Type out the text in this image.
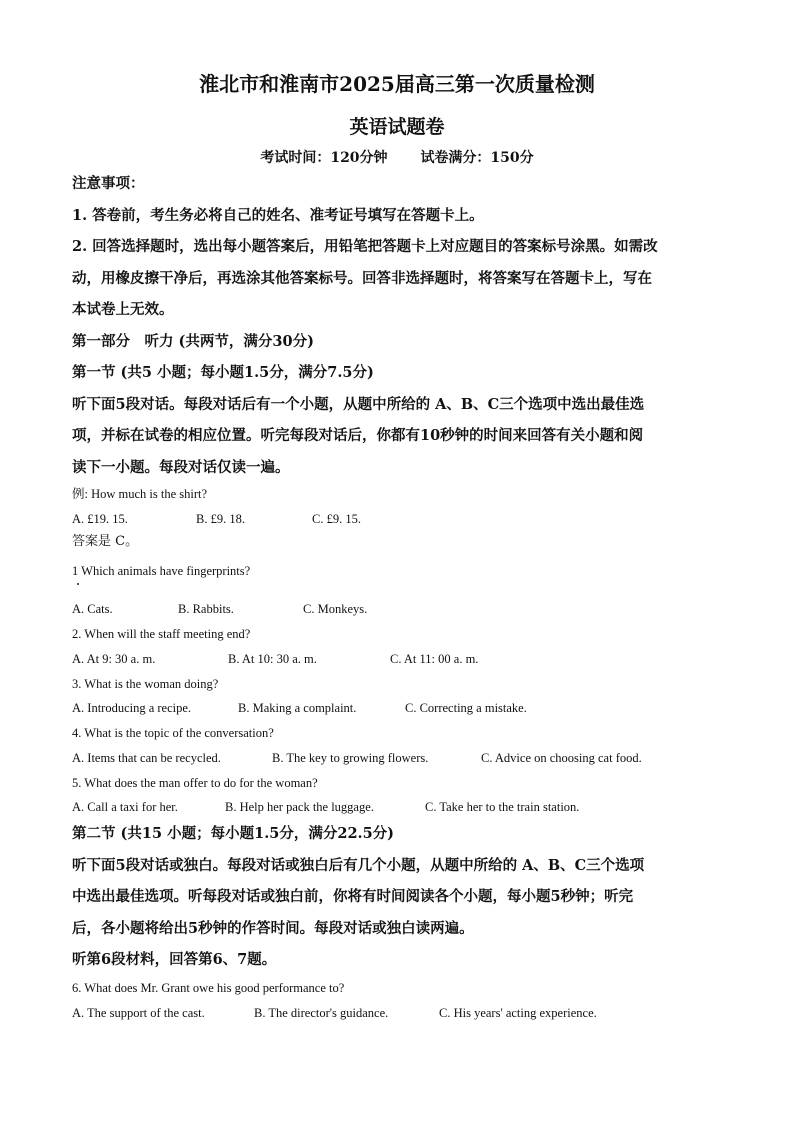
淮北市和淮南市2025届高三第一次质量检测
英语试题卷
考试时间：120分钟 试卷满分：150分
注意事项：
1. 答卷前，考生务必将自己的姓名、准考证号填写在答题卡上。
2. 回答选择题时，选出每小题答案后，用铅笔把答题卡上对应题目的答案标号涂黑。如需改
动，用橡皮擦干净后，再选涂其他答案标号。回答非选择题时，将答案写在答题卡上，写在
本试卷上无效。
第一部分　听力 (共两节，满分30分)
第一节 (共5 小题；每小题1.5分，满分7.5分)
听下面5段对话。每段对话后有一个小题，从题中所给的 A、B、C三个选项中选出最佳选
项，并标在试卷的相应位置。听完每段对话后，你都有10秒钟的时间来回答有关小题和阅
读下一小题。每段对话仅读一遍。
例: How much is the shirt?
A. £19. 15.	B. £9. 18.	C. £9. 15.
答案是 C。
1 Which animals have fingerprints?
A. Cats.	B. Rabbits.	C. Monkeys.
2. When will the staff meeting end?
A. At 9: 30 a. m.	B. At 10: 30 a. m.	C. At 11: 00 a. m.
3. What is the woman doing?
A. Introducing a recipe.	B. Making a complaint.	C. Correcting a mistake.
4. What is the topic of the conversation?
A. Items that can be recycled.	B. The key to growing flowers.	C. Advice on choosing cat food.
5. What does the man offer to do for the woman?
A. Call a taxi for her.	B. Help her pack the luggage.	C. Take her to the train station.
第二节 (共15 小题；每小题1.5分，满分22.5分)
听下面5段对话或独白。每段对话或独白后有几个小题，从题中所给的 A、B、C三个选项
中选出最佳选项。听每段对话或独白前，你将有时间阅读各个小题，每小题5秒钟；听完
后，各小题将给出5秒钟的作答时间。每段对话或独白读两遍。
听第6段材料，回答第6、7题。
6. What does Mr. Grant owe his good performance to?
A. The support of the cast.	B. The director's guidance.	C. His years' acting experience.
